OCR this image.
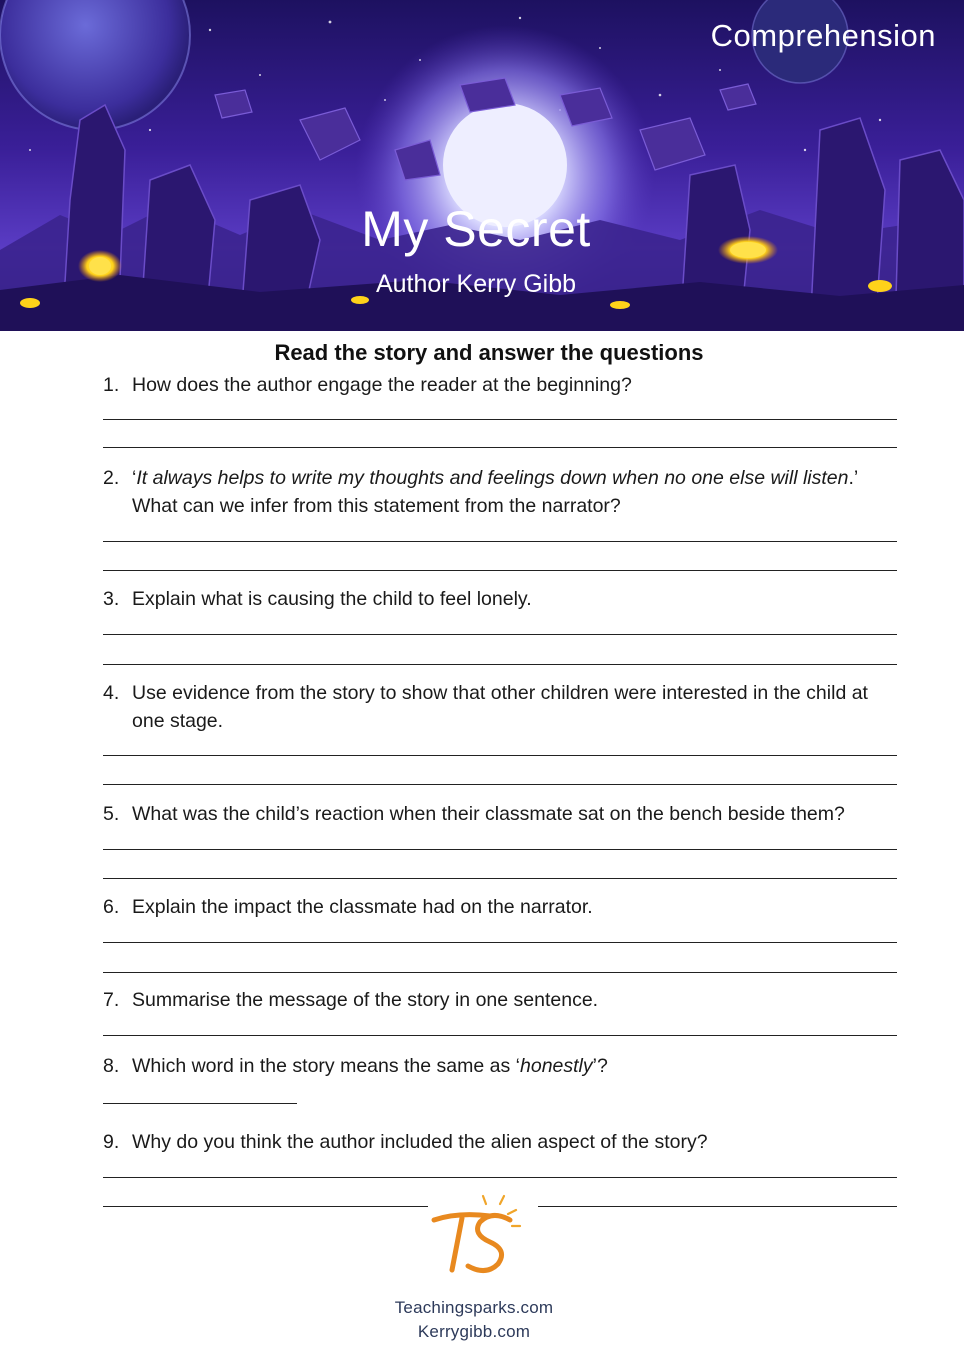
Comprehension
My Secret
Author Kerry Gibb
Read the story and answer the questions
1. How does the author engage the reader at the beginning?
2. ‘It always helps to write my thoughts and feelings down when no one else will listen.’ What can we infer from this statement from the narrator?
3. Explain what is causing the child to feel lonely.
4. Use evidence from the story to show that other children were interested in the child at one stage.
5. What was the child’s reaction when their classmate sat on the bench beside them?
6. Explain the impact the classmate had on the narrator.
7. Summarise the message of the story in one sentence.
8. Which word in the story means the same as ‘honestly’?
9. Why do you think the author included the alien aspect of the story?
Teachingsparks.com
Kerrygibb.com
